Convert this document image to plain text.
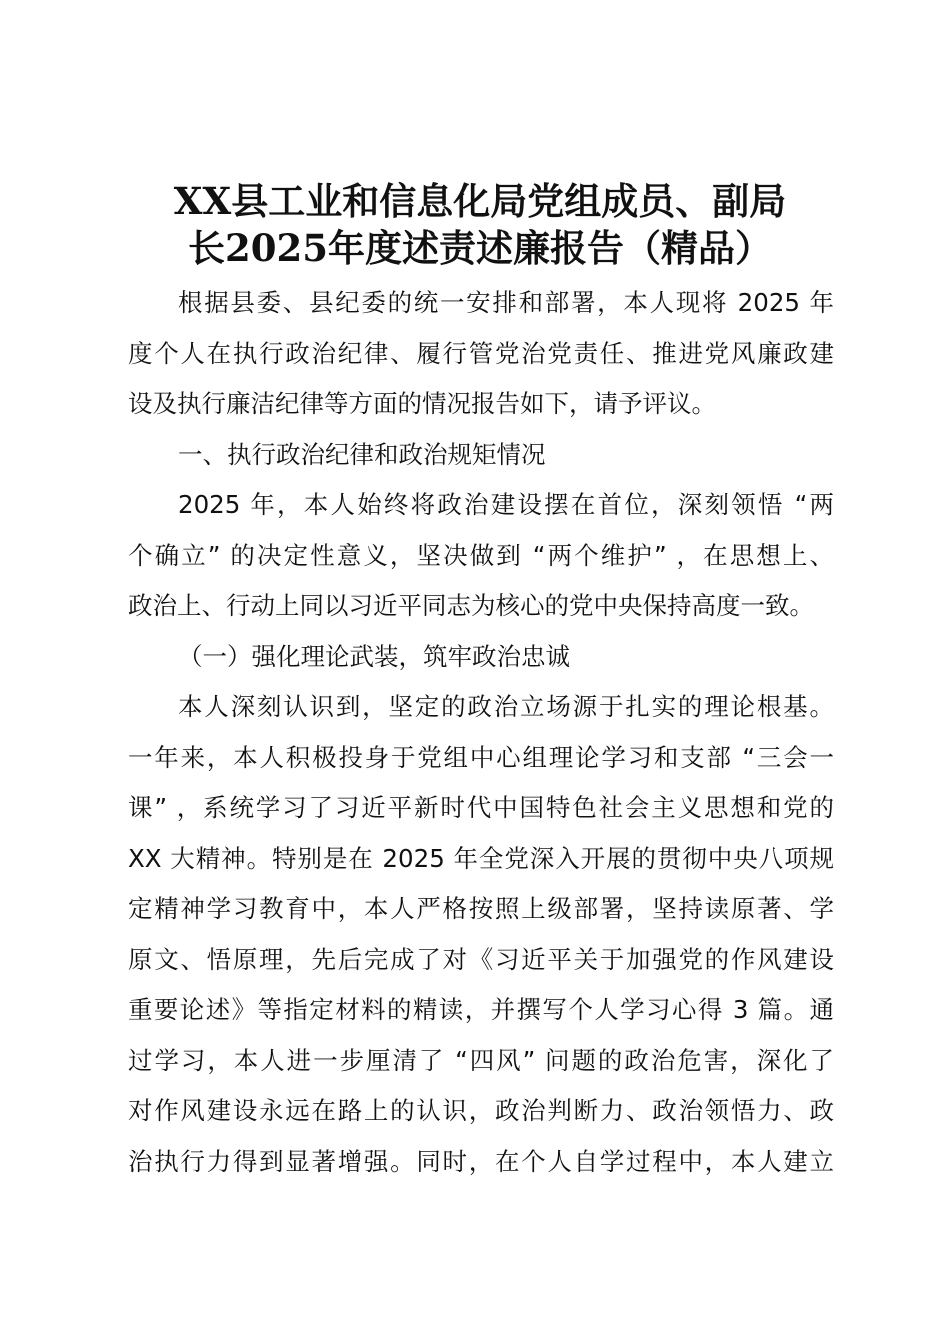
XX县工业和信息化局党组成员、副局
长2025年度述责述廉报告（精品）
根据县委、县纪委的统一安排和部署，本人现将 2025 年
度个人在执行政治纪律、履行管党治党责任、推进党风廉政建
设及执行廉洁纪律等方面的情况报告如下，请予评议。
一、执行政治纪律和政治规矩情况
2025 年，本人始终将政治建设摆在首位，深刻领悟 “两
个确立” 的决定性意义，坚决做到 “两个维护” ，在思想上、
政治上、行动上同以习近平同志为核心的党中央保持高度一致。
（一）强化理论武装，筑牢政治忠诚
本人深刻认识到，坚定的政治立场源于扎实的理论根基。
一年来，本人积极投身于党组中心组理论学习和支部 “三会一
课” ，系统学习了习近平新时代中国特色社会主义思想和党的
XX 大精神。特别是在 2025 年全党深入开展的贯彻中央八项规
定精神学习教育中，本人严格按照上级部署，坚持读原著、学
原文、悟原理，先后完成了对《习近平关于加强党的作风建设
重要论述》等指定材料的精读，并撰写个人学习心得 3 篇。通
过学习，本人进一步厘清了 “四风” 问题的政治危害，深化了
对作风建设永远在路上的认识，政治判断力、政治领悟力、政
治执行力得到显著增强。同时，在个人自学过程中，本人建立
